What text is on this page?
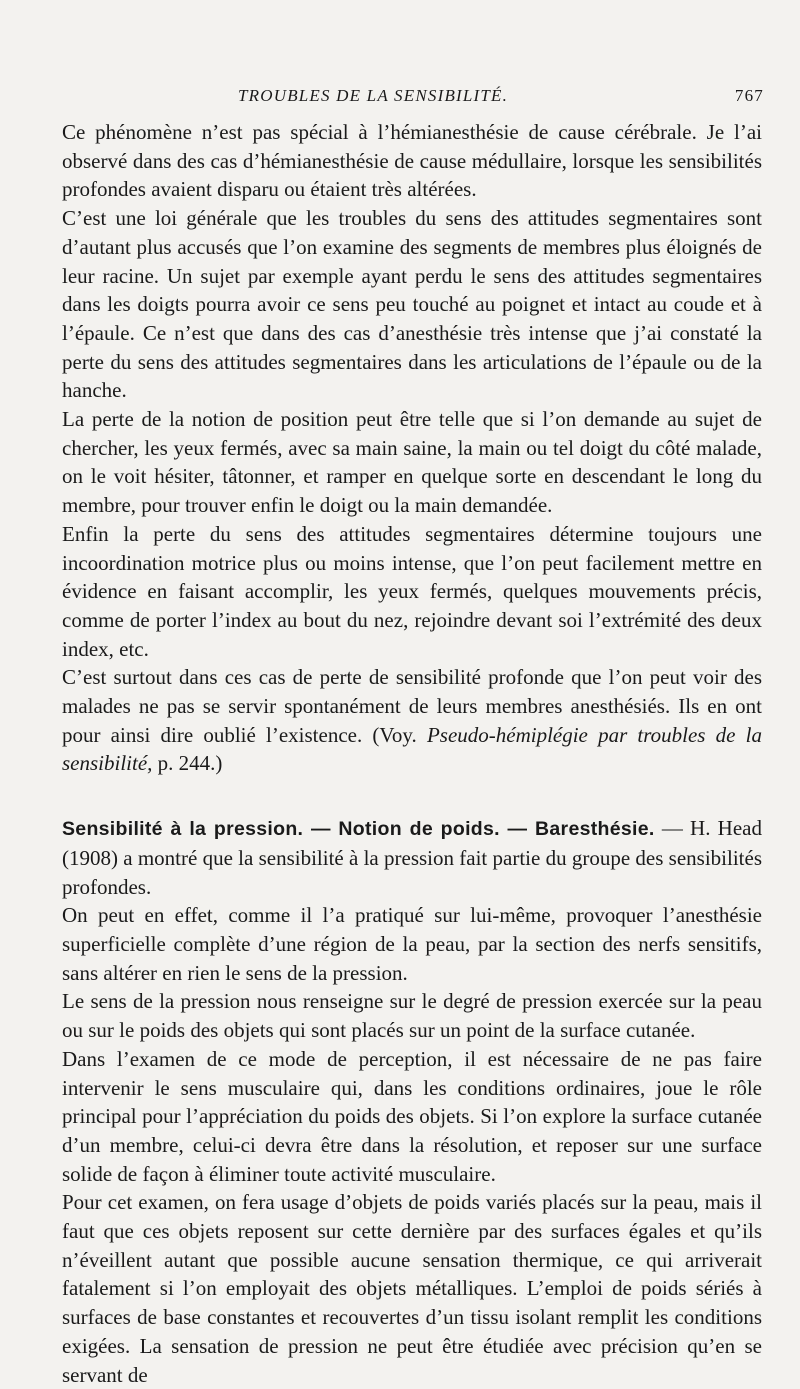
TROUBLES DE LA SENSIBILITÉ.	767

Ce phénomène n’est pas spécial à l’hémianesthésie de cause cérébrale. Je l’ai observé dans des cas d’hémianesthésie de cause médullaire, lorsque les sensibilités profondes avaient disparu ou étaient très altérées.

C’est une loi générale que les troubles du sens des attitudes segmentaires sont d’autant plus accusés que l’on examine des segments de membres plus éloignés de leur racine. Un sujet par exemple ayant perdu le sens des attitudes segmentaires dans les doigts pourra avoir ce sens peu touché au poignet et intact au coude et à l’épaule. Ce n’est que dans des cas d’anesthésie très intense que j’ai constaté la perte du sens des attitudes segmentaires dans les articulations de l’épaule ou de la hanche.

La perte de la notion de position peut être telle que si l’on demande au sujet de chercher, les yeux fermés, avec sa main saine, la main ou tel doigt du côté malade, on le voit hésiter, tâtonner, et ramper en quelque sorte en descendant le long du membre, pour trouver enfin le doigt ou la main demandée.

Enfin la perte du sens des attitudes segmentaires détermine toujours une incoordination motrice plus ou moins intense, que l’on peut facilement mettre en évidence en faisant accomplir, les yeux fermés, quelques mouvements précis, comme de porter l’index au bout du nez, rejoindre devant soi l’extrémité des deux index, etc.

C’est surtout dans ces cas de perte de sensibilité profonde que l’on peut voir des malades ne pas se servir spontanément de leurs membres anesthésiés. Ils en ont pour ainsi dire oublié l’existence. (Voy. Pseudo-hémiplégie par troubles de la sensibilité, p. 244.)

Sensibilité à la pression. — Notion de poids. — Baresthésie. — H. Head (1908) a montré que la sensibilité à la pression fait partie du groupe des sensibilités profondes.

On peut en effet, comme il l’a pratiqué sur lui-même, provoquer l’anesthésie superficielle complète d’une région de la peau, par la section des nerfs sensitifs, sans altérer en rien le sens de la pression.

Le sens de la pression nous renseigne sur le degré de pression exercée sur la peau ou sur le poids des objets qui sont placés sur un point de la surface cutanée.

Dans l’examen de ce mode de perception, il est nécessaire de ne pas faire intervenir le sens musculaire qui, dans les conditions ordinaires, joue le rôle principal pour l’appréciation du poids des objets. Si l’on explore la surface cutanée d’un membre, celui-ci devra être dans la résolution, et reposer sur une surface solide de façon à éliminer toute activité musculaire.

Pour cet examen, on fera usage d’objets de poids variés placés sur la peau, mais il faut que ces objets reposent sur cette dernière par des surfaces égales et qu’ils n’éveillent autant que possible aucune sensation thermique, ce qui arriverait fatalement si l’on employait des objets métalliques. L’emploi de poids sériés à surfaces de base constantes et recouvertes d’un tissu isolant remplit les conditions exigées. La sensation de pression ne peut être étudiée avec précision qu’en se servant de
